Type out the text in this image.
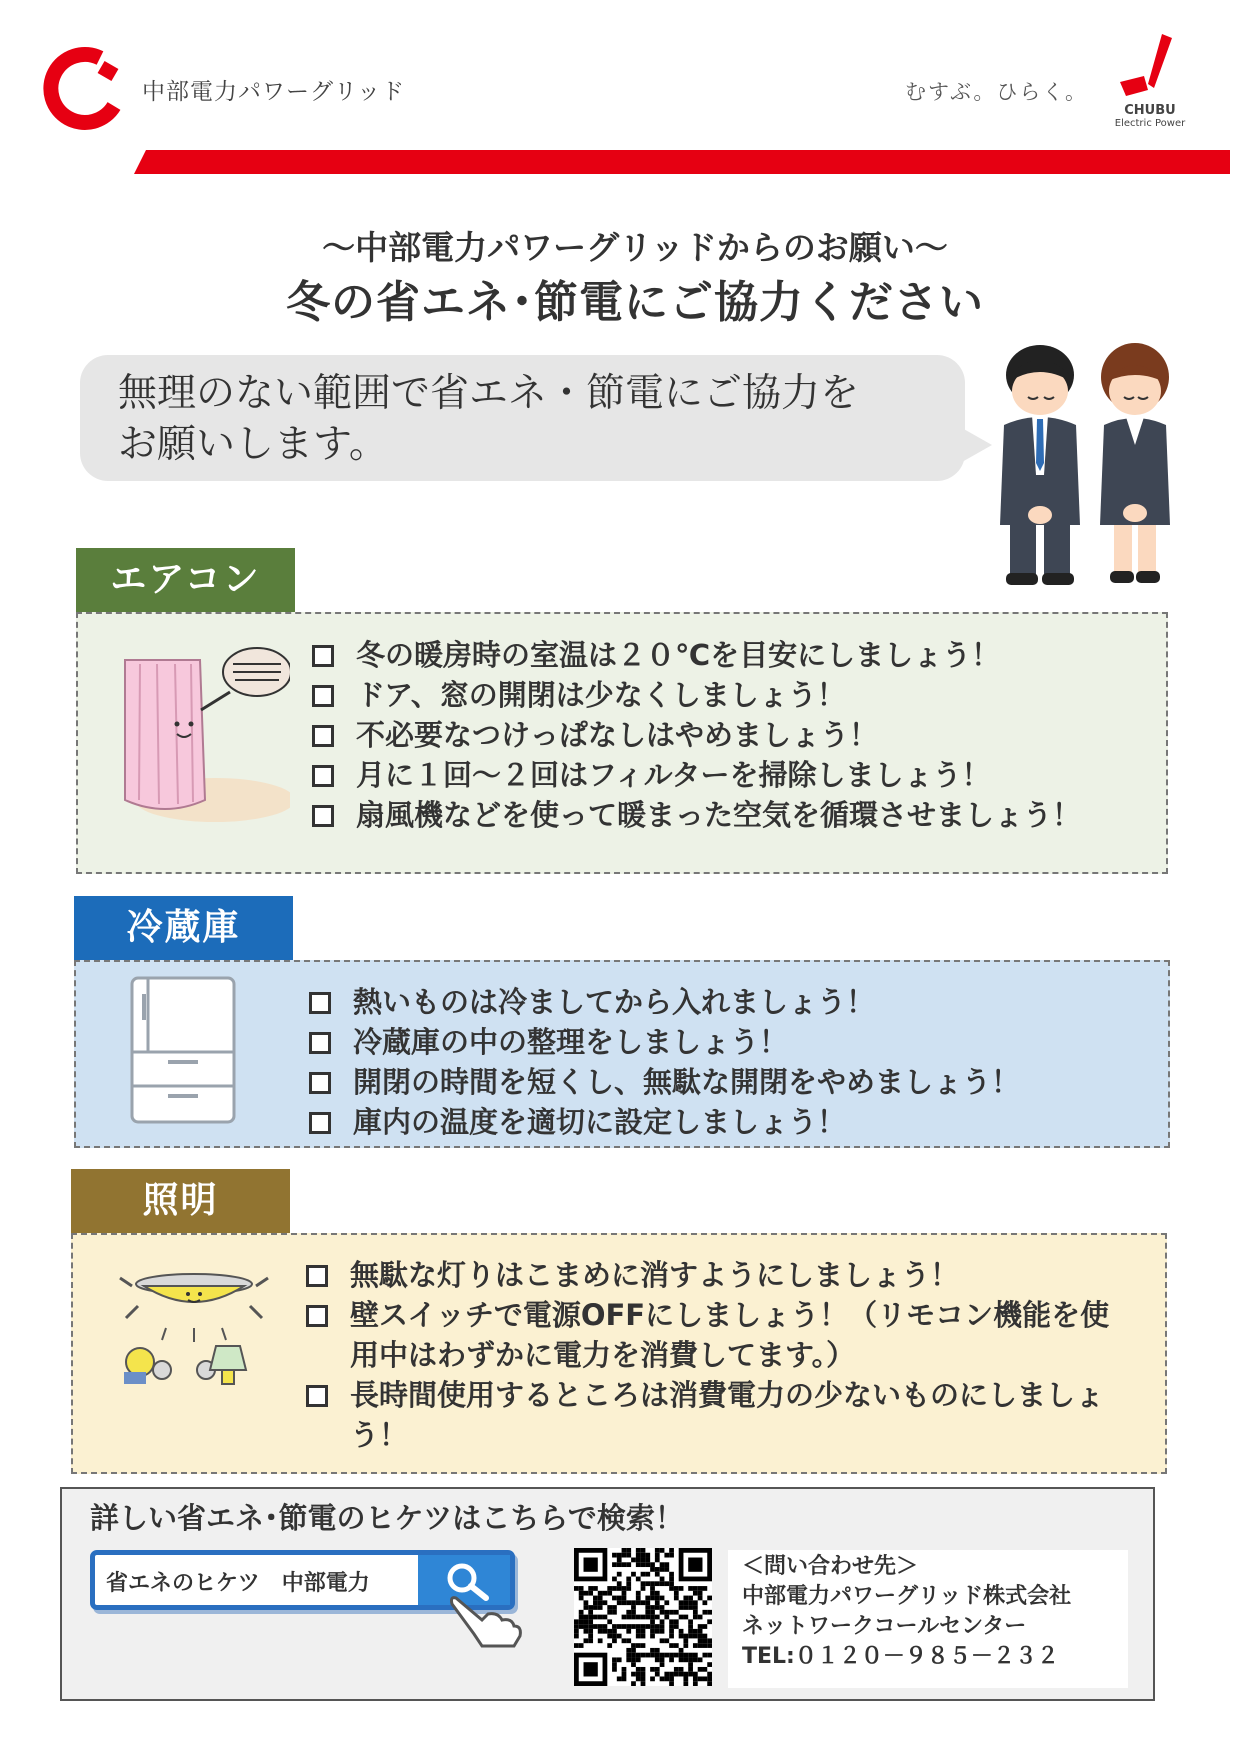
中部電力パワーグリッド	むすぶ。ひらく。
CHUBU
Electric Power
～中部電力パワーグリッドからのお願い～
冬の省エネ･節電にご協力ください
無理のない範囲で省エネ・節電にご協力を
お願いします。
エアコン
冬の暖房時の室温は２０℃を目安にしましょう！
ドア、窓の開閉は少なくしましょう！
不必要なつけっぱなしはやめましょう！
月に１回～２回はフィルターを掃除しましょう！
扇風機などを使って暖まった空気を循環させましょう！
冷蔵庫
熱いものは冷ましてから入れましょう！
冷蔵庫の中の整理をしましょう！
開閉の時間を短くし、無駄な開閉をやめましょう！
庫内の温度を適切に設定しましょう！
照明
無駄な灯りはこまめに消すようにしましょう！
壁スイッチで電源OFFにしましょう！（リモコン機能を使用中はわずかに電力を消費してます。）
長時間使用するところは消費電力の少ないものにしましょう！
詳しい省エネ･節電のヒケツはこちらで検索！
省エネのヒケツ　中部電力
＜問い合わせ先＞
中部電力パワーグリッド株式会社
ネットワークコールセンター
TEL:０１２０－９８５－２３２
